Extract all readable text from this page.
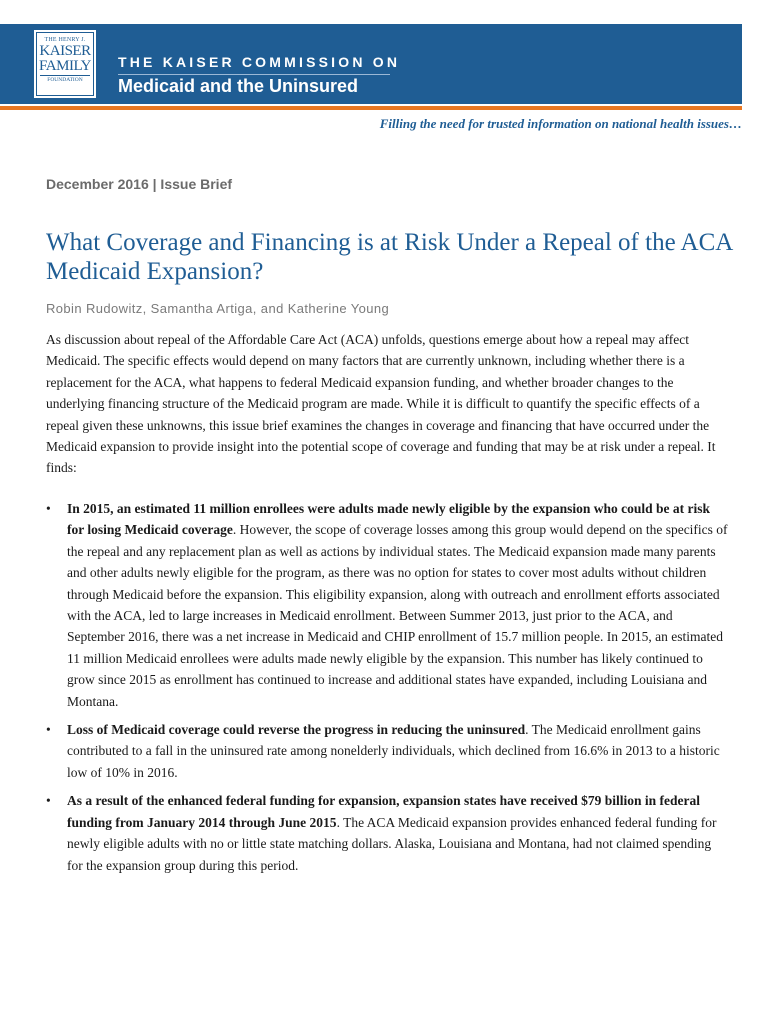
THE HENRY J.
KAISER
FAMILY
FOUNDATION
THE KAISER COMMISSION ON
Medicaid and the Uninsured
Filling the need for trusted information on national health issues…
December 2016 | Issue Brief
What Coverage and Financing is at Risk Under a Repeal of the ACA Medicaid Expansion?
Robin Rudowitz, Samantha Artiga, and Katherine Young

As discussion about repeal of the Affordable Care Act (ACA) unfolds, questions emerge about how a repeal may affect Medicaid. The specific effects would depend on many factors that are currently unknown, including whether there is a replacement for the ACA, what happens to federal Medicaid expansion funding, and whether broader changes to the underlying financing structure of the Medicaid program are made. While it is difficult to quantify the specific effects of a repeal given these unknowns, this issue brief examines the changes in coverage and financing that have occurred under the Medicaid expansion to provide insight into the potential scope of coverage and funding that may be at risk under a repeal. It finds:

• In 2015, an estimated 11 million enrollees were adults made newly eligible by the expansion who could be at risk for losing Medicaid coverage. However, the scope of coverage losses among this group would depend on the specifics of the repeal and any replacement plan as well as actions by individual states. The Medicaid expansion made many parents and other adults newly eligible for the program, as there was no option for states to cover most adults without children through Medicaid before the expansion. This eligibility expansion, along with outreach and enrollment efforts associated with the ACA, led to large increases in Medicaid enrollment. Between Summer 2013, just prior to the ACA, and September 2016, there was a net increase in Medicaid and CHIP enrollment of 15.7 million people. In 2015, an estimated 11 million Medicaid enrollees were adults made newly eligible by the expansion. This number has likely continued to grow since 2015 as enrollment has continued to increase and additional states have expanded, including Louisiana and Montana.
• Loss of Medicaid coverage could reverse the progress in reducing the uninsured. The Medicaid enrollment gains contributed to a fall in the uninsured rate among nonelderly individuals, which declined from 16.6% in 2013 to a historic low of 10% in 2016.
• As a result of the enhanced federal funding for expansion, expansion states have received $79 billion in federal funding from January 2014 through June 2015. The ACA Medicaid expansion provides enhanced federal funding for newly eligible adults with no or little state matching dollars. Alaska, Louisiana and Montana, had not claimed spending for the expansion group during this period.
